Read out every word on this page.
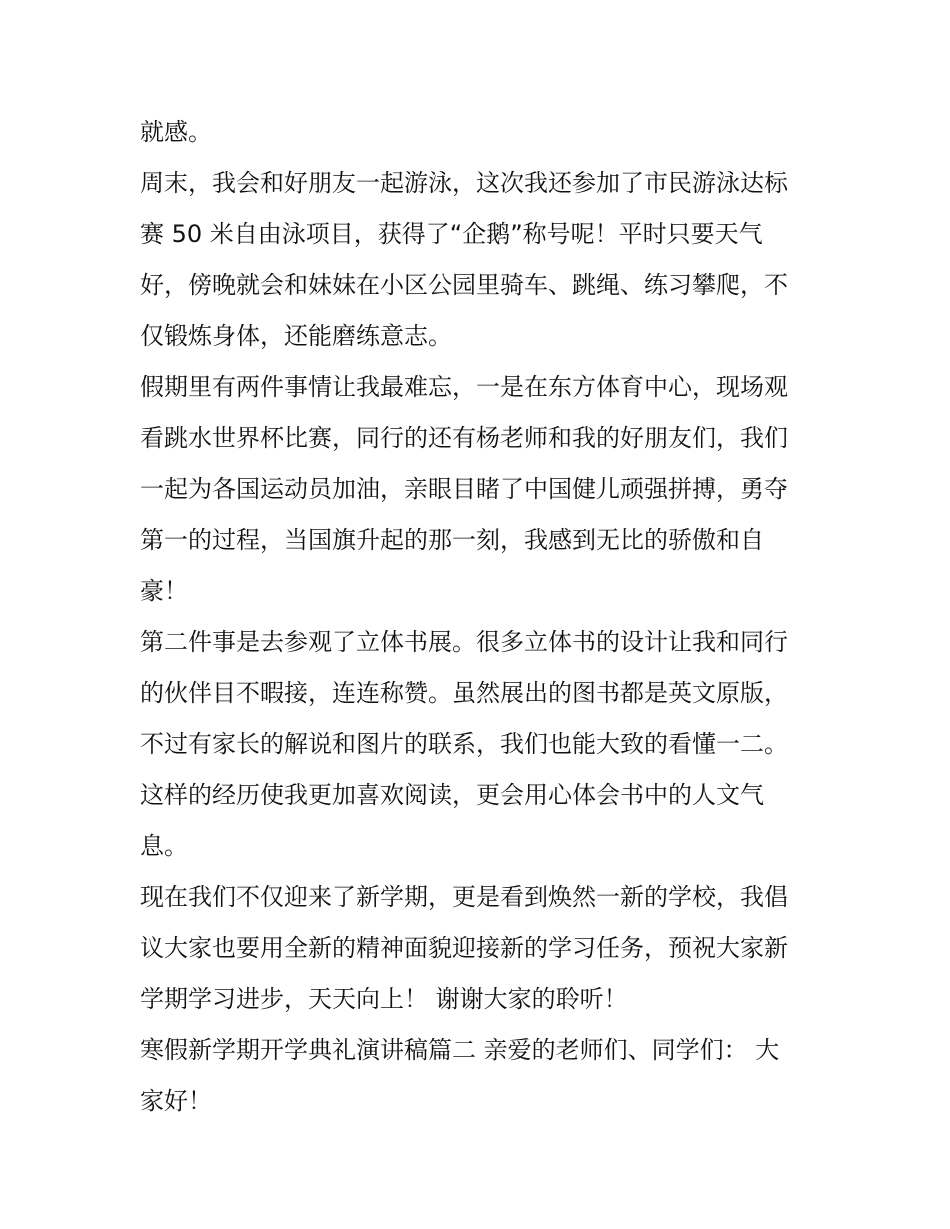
就感。
周末，我会和好朋友一起游泳，这次我还参加了市民游泳达标
赛 50 米自由泳项目，获得了“企鹅”称号呢！平时只要天气
好，傍晚就会和妹妹在小区公园里骑车、跳绳、练习攀爬，不
仅锻炼身体，还能磨练意志。
假期里有两件事情让我最难忘，一是在东方体育中心，现场观
看跳水世界杯比赛，同行的还有杨老师和我的好朋友们，我们
一起为各国运动员加油，亲眼目睹了中国健儿顽强拼搏，勇夺
第一的过程，当国旗升起的那一刻，我感到无比的骄傲和自
豪！
第二件事是去参观了立体书展。很多立体书的设计让我和同行
的伙伴目不暇接，连连称赞。虽然展出的图书都是英文原版，
不过有家长的解说和图片的联系，我们也能大致的看懂一二。
这样的经历使我更加喜欢阅读，更会用心体会书中的人文气
息。
现在我们不仅迎来了新学期，更是看到焕然一新的学校，我倡
议大家也要用全新的精神面貌迎接新的学习任务，预祝大家新
学期学习进步，天天向上！ 谢谢大家的聆听！
寒假新学期开学典礼演讲稿篇二 亲爱的老师们、同学们： 大
家好！
